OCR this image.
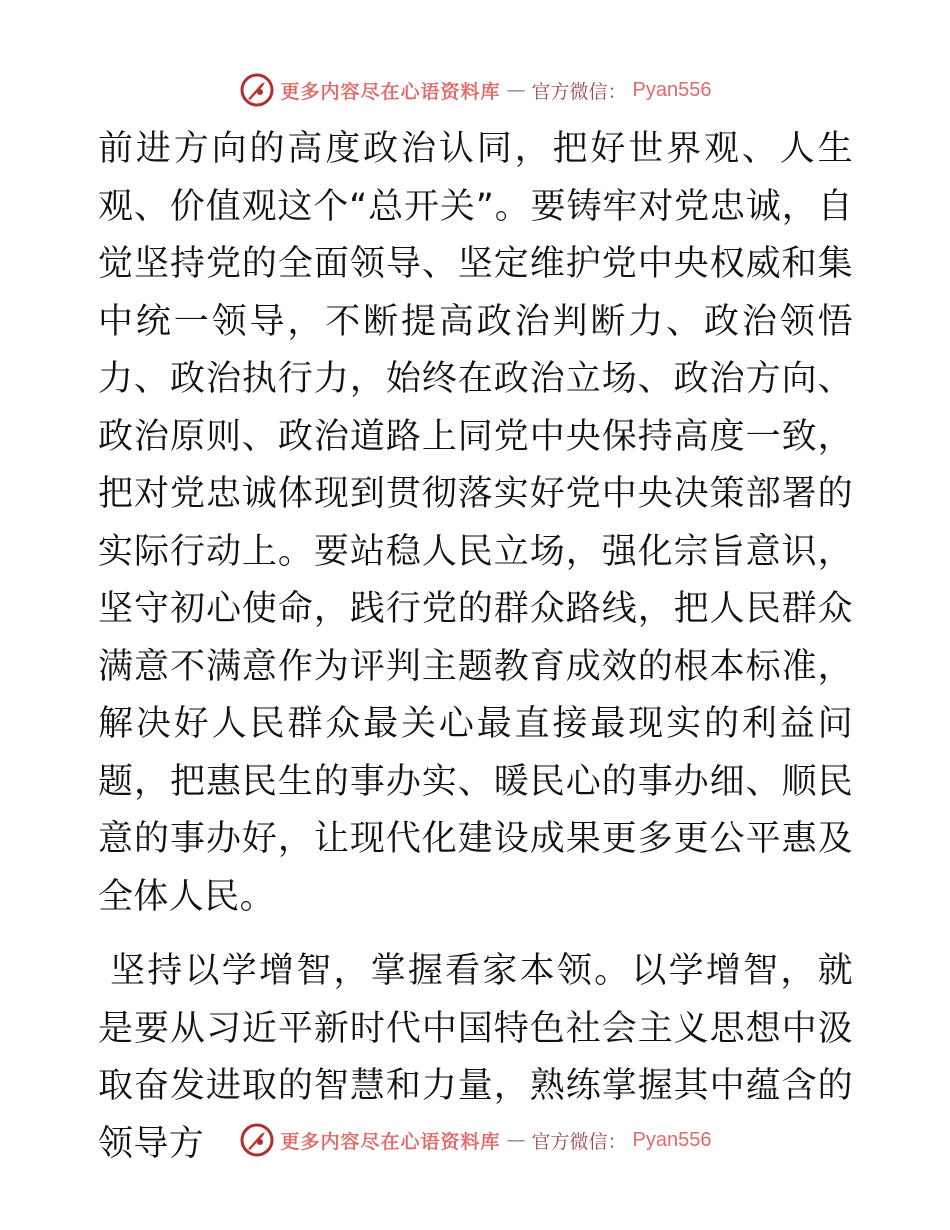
更多内容尽在心语资料库 — 官方微信： Pyan556

前进方向的高度政治认同，把好世界观、人生观、价值观这个“总开关”。要铸牢对党忠诚，自觉坚持党的全面领导、坚定维护党中央权威和集中统一领导，不断提高政治判断力、政治领悟力、政治执行力，始终在政治立场、政治方向、政治原则、政治道路上同党中央保持高度一致，把对党忠诚体现到贯彻落实好党中央决策部署的实际行动上。要站稳人民立场，强化宗旨意识，坚守初心使命，践行党的群众路线，把人民群众满意不满意作为评判主题教育成效的根本标准，解决好人民群众最关心最直接最现实的利益问题，把惠民生的事办实、暖民心的事办细、顺民意的事办好，让现代化建设成果更多更公平惠及全体人民。

坚持以学增智，掌握看家本领。以学增智，就是要从习近平新时代中国特色社会主义思想中汲取奋发进取的智慧和力量，熟练掌握其中蕴含的领导方	更多内容尽在心语资料库 — 官方微信： Pyan556
